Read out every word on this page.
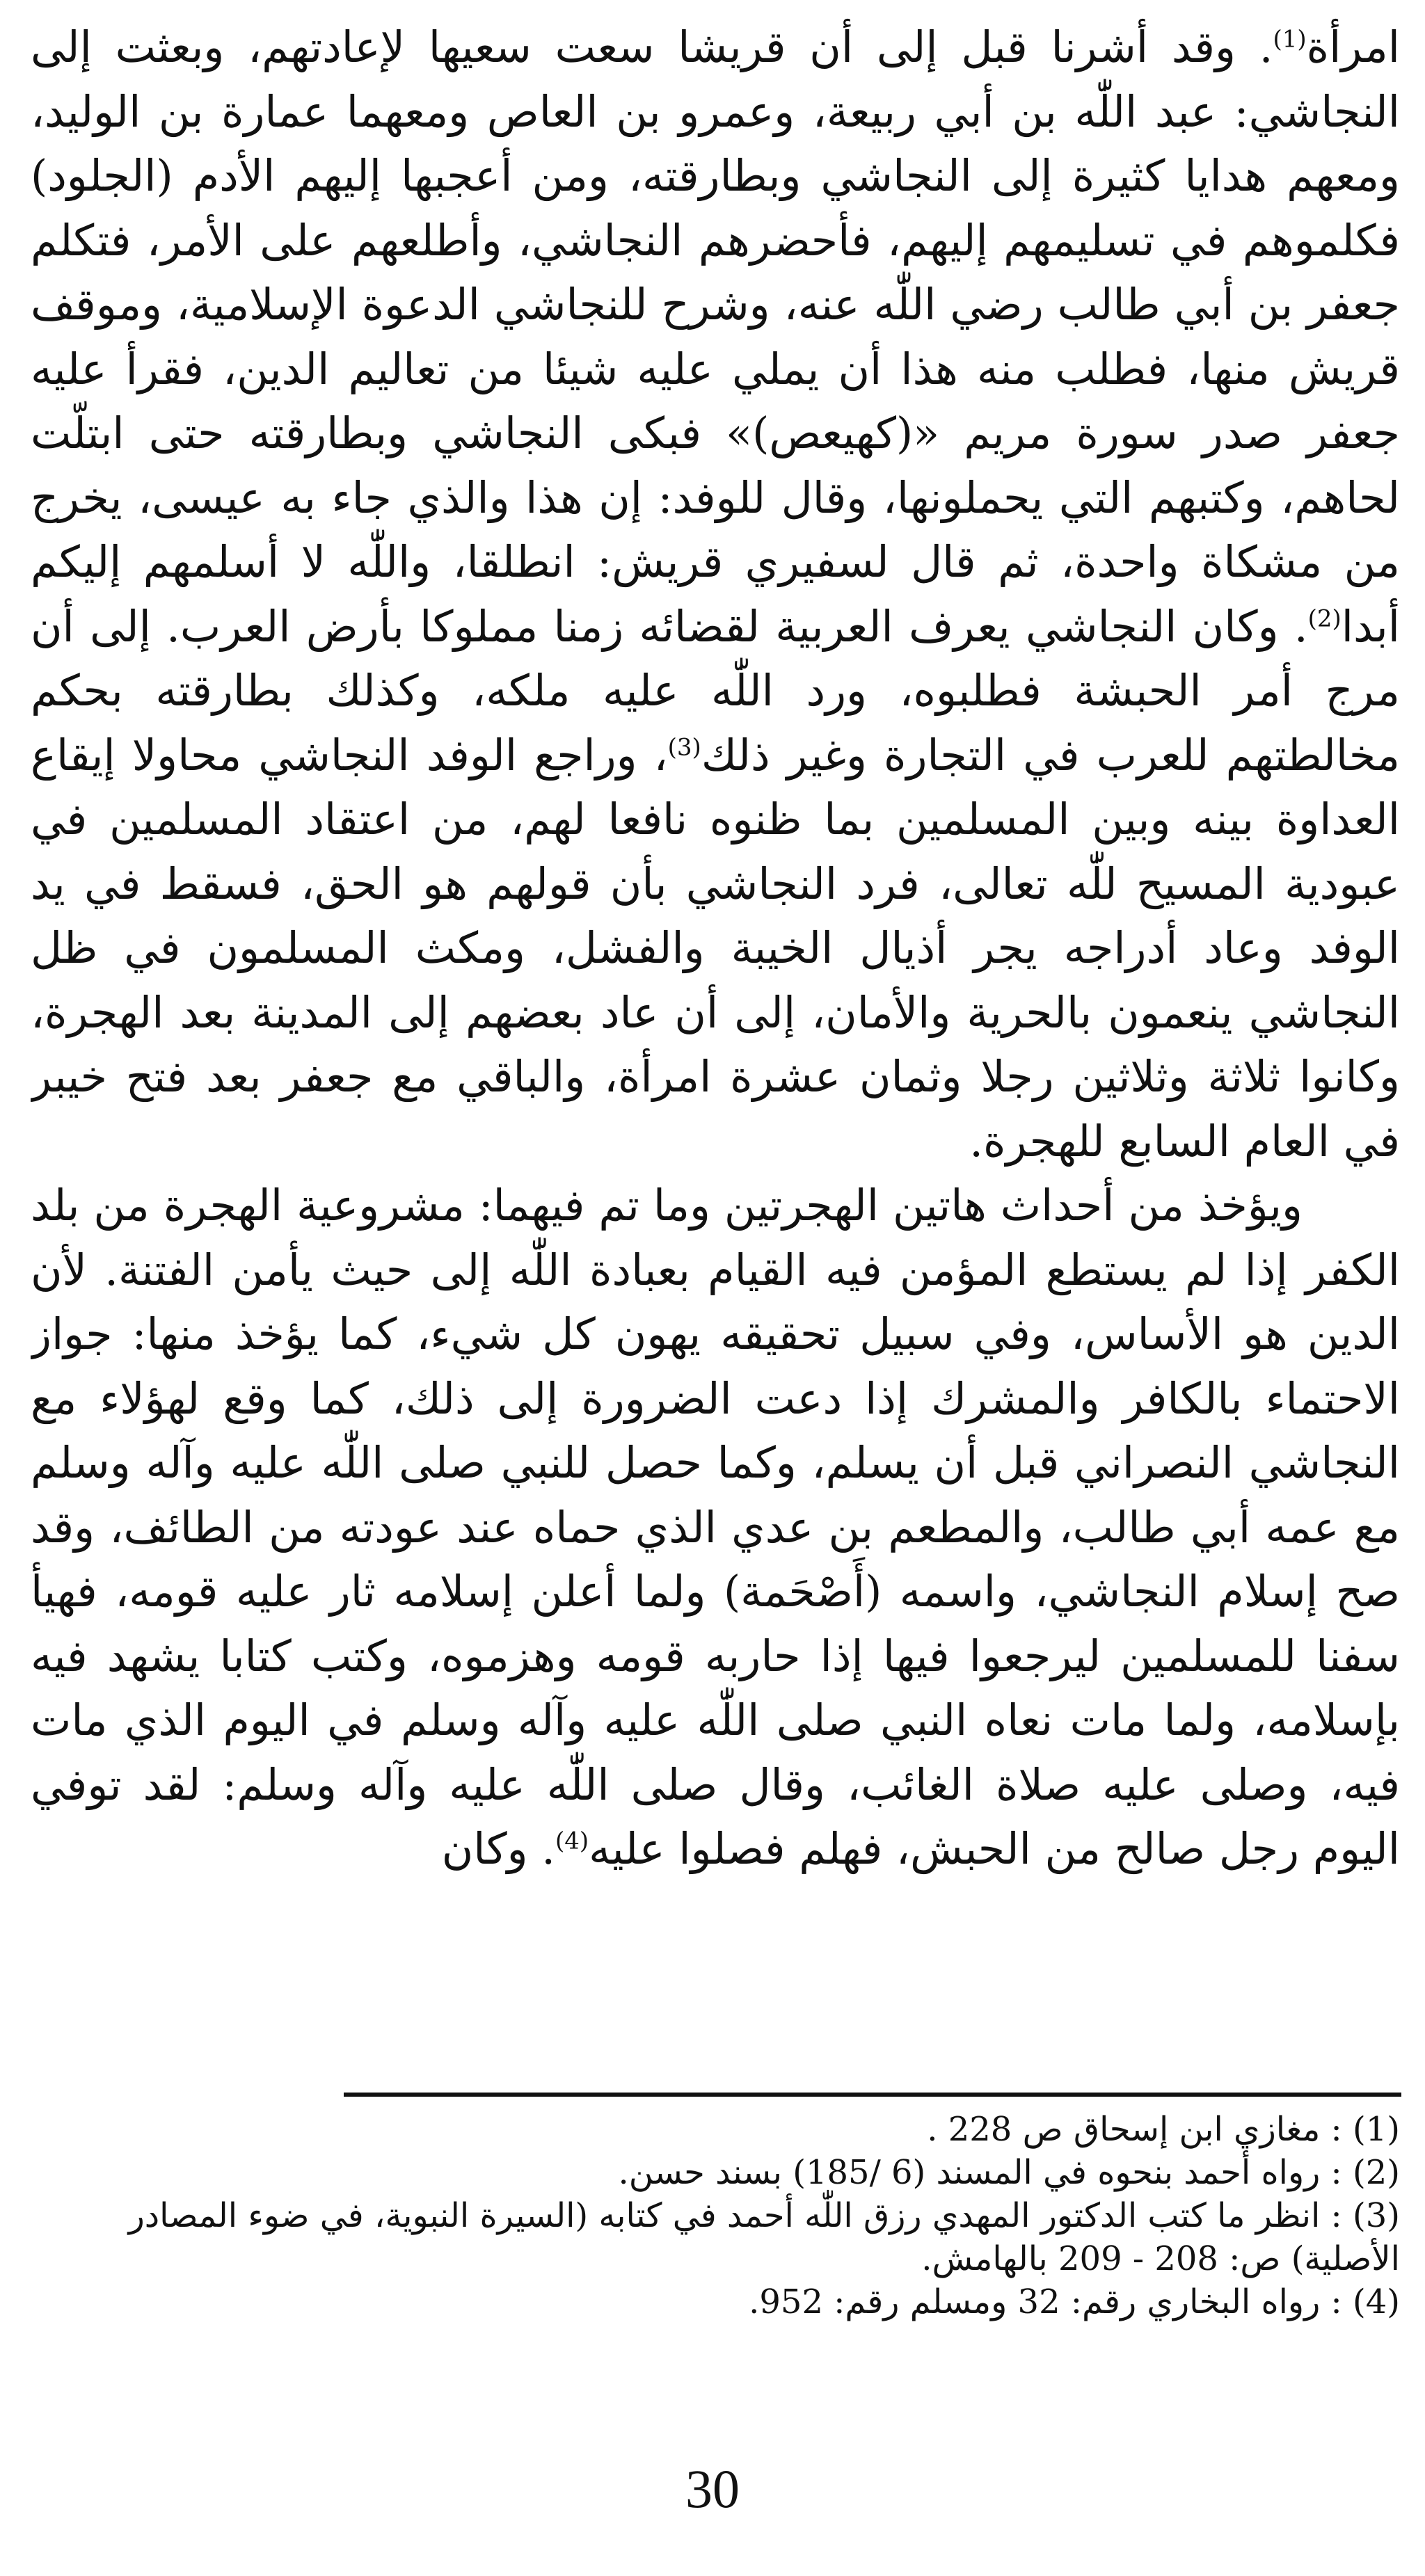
امرأة$^{(1)}$. وقد أشرنا قبل إلى أن قريشا سعت سعيها لإعادتهم، وبعثت إلى النجاشي: عبد اللّٰه بن أبي ربيعة، وعمرو بن العاص ومعهما عمارة بن الوليد، ومعهم هدايا كثيرة إلى النجاشي وبطارقته، ومن أعجبها إليهم الأدم (الجلود) فكلموهم في تسليمهم إليهم، فأحضرهم النجاشي، وأطلعهم على الأمر، فتكلم جعفر بن أبي طالب رضي اللّٰه عنه، وشرح للنجاشي الدعوة الإسلامية، وموقف قريش منها، فطلب منه هذا أن يملي عليه شيئا من تعاليم الدين، فقرأ عليه جعفر صدر سورة مريم «(كهيعص)» فبكى النجاشي وبطارقته حتى ابتلّت لحاهم، وكتبهم التي يحملونها، وقال للوفد: إن هذا والذي جاء به عيسى، يخرج من مشكاة واحدة، ثم قال لسفيري قريش: انطلقا، واللّٰه لا أسلمهم إليكم أبدا$^{(2)}$. وكان النجاشي يعرف العربية لقضائه زمنا مملوكا بأرض العرب. إلى أن مرج أمر الحبشة فطلبوه، ورد اللّٰه عليه ملكه، وكذلك بطارقته بحكم مخالطتهم للعرب في التجارة وغير ذلك$^{(3)}$، وراجع الوفد النجاشي محاولا إيقاع العداوة بينه وبين المسلمين بما ظنوه نافعا لهم، من اعتقاد المسلمين في عبودية المسيح للّٰه تعالى، فرد النجاشي بأن قولهم هو الحق، فسقط في يد الوفد وعاد أدراجه يجر أذيال الخيبة والفشل، ومكث المسلمون في ظل النجاشي ينعمون بالحرية والأمان، إلى أن عاد بعضهم إلى المدينة بعد الهجرة، وكانوا ثلاثة وثلاثين رجلا وثمان عشرة امرأة، والباقي مع جعفر بعد فتح خيبر في العام السابع للهجرة.

ويؤخذ من أحداث هاتين الهجرتين وما تم فيهما: مشروعية الهجرة من بلد الكفر إذا لم يستطع المؤمن فيه القيام بعبادة اللّٰه إلى حيث يأمن الفتنة. لأن الدين هو الأساس، وفي سبيل تحقيقه يهون كل شيء، كما يؤخذ منها: جواز الاحتماء بالكافر والمشرك إذا دعت الضرورة إلى ذلك، كما وقع لهؤلاء مع النجاشي النصراني قبل أن يسلم، وكما حصل للنبي صلى اللّٰه عليه وآله وسلم مع عمه أبي طالب، والمطعم بن عدي الذي حماه عند عودته من الطائف، وقد صح إسلام النجاشي، واسمه (أَصْحَمة) ولما أعلن إسلامه ثار عليه قومه، فهيأ سفنا للمسلمين ليرجعوا فيها إذا حاربه قومه وهزموه، وكتب كتابا يشهد فيه بإسلامه، ولما مات نعاه النبي صلى اللّٰه عليه وآله وسلم في اليوم الذي مات فيه، وصلى عليه صلاة الغائب، وقال صلى اللّٰه عليه وآله وسلم: لقد توفي اليوم رجل صالح من الحبش، فهلم فصلوا عليه$^{(4)}$. وكان

(1) : مغازي ابن إسحاق ص 228 .

(2) : رواه أحمد بنحوه في المسند (6 /185) بسند حسن.

(3) : انظر ما كتب الدكتور المهدي رزق اللّٰه أحمد في كتابه (السيرة النبوية، في ضوء المصادر الأصلية) ص: 208 - 209 بالهامش.

(4) : رواه البخاري رقم: 32 ومسلم رقم: 952.

30
